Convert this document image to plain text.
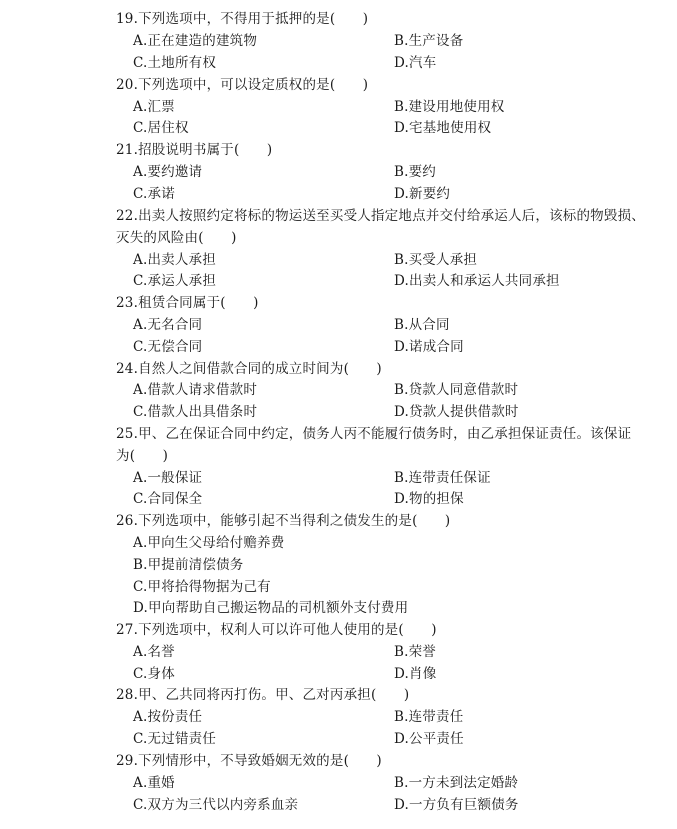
19.下列选项中，不得用于抵押的是(　　)
A.正在建造的建筑物	B.生产设备
C.土地所有权	D.汽车
20.下列选项中，可以设定质权的是(　　)
A.汇票	B.建设用地使用权
C.居住权	D.宅基地使用权
21.招股说明书属于(　　)
A.要约邀请	B.要约
C.承诺	D.新要约
22.出卖人按照约定将标的物运送至买受人指定地点并交付给承运人后，该标的物毁损、
灭失的风险由(　　)
A.出卖人承担	B.买受人承担
C.承运人承担	D.出卖人和承运人共同承担
23.租赁合同属于(　　)
A.无名合同	B.从合同
C.无偿合同	D.诺成合同
24.自然人之间借款合同的成立时间为(　　)
A.借款人请求借款时	B.贷款人同意借款时
C.借款人出具借条时	D.贷款人提供借款时
25.甲、乙在保证合同中约定，债务人丙不能履行债务时，由乙承担保证责任。该保证
为(　　)
A.一般保证	B.连带责任保证
C.合同保全	D.物的担保
26.下列选项中，能够引起不当得利之债发生的是(　　)
A.甲向生父母给付赡养费
B.甲提前清偿债务
C.甲将拾得物据为己有
D.甲向帮助自己搬运物品的司机额外支付费用
27.下列选项中，权利人可以许可他人使用的是(　　)
A.名誉	B.荣誉
C.身体	D.肖像
28.甲、乙共同将丙打伤。甲、乙对丙承担(　　)
A.按份责任	B.连带责任
C.无过错责任	D.公平责任
29.下列情形中，不导致婚姻无效的是(　　)
A.重婚	B.一方未到法定婚龄
C.双方为三代以内旁系血亲	D.一方负有巨额债务
